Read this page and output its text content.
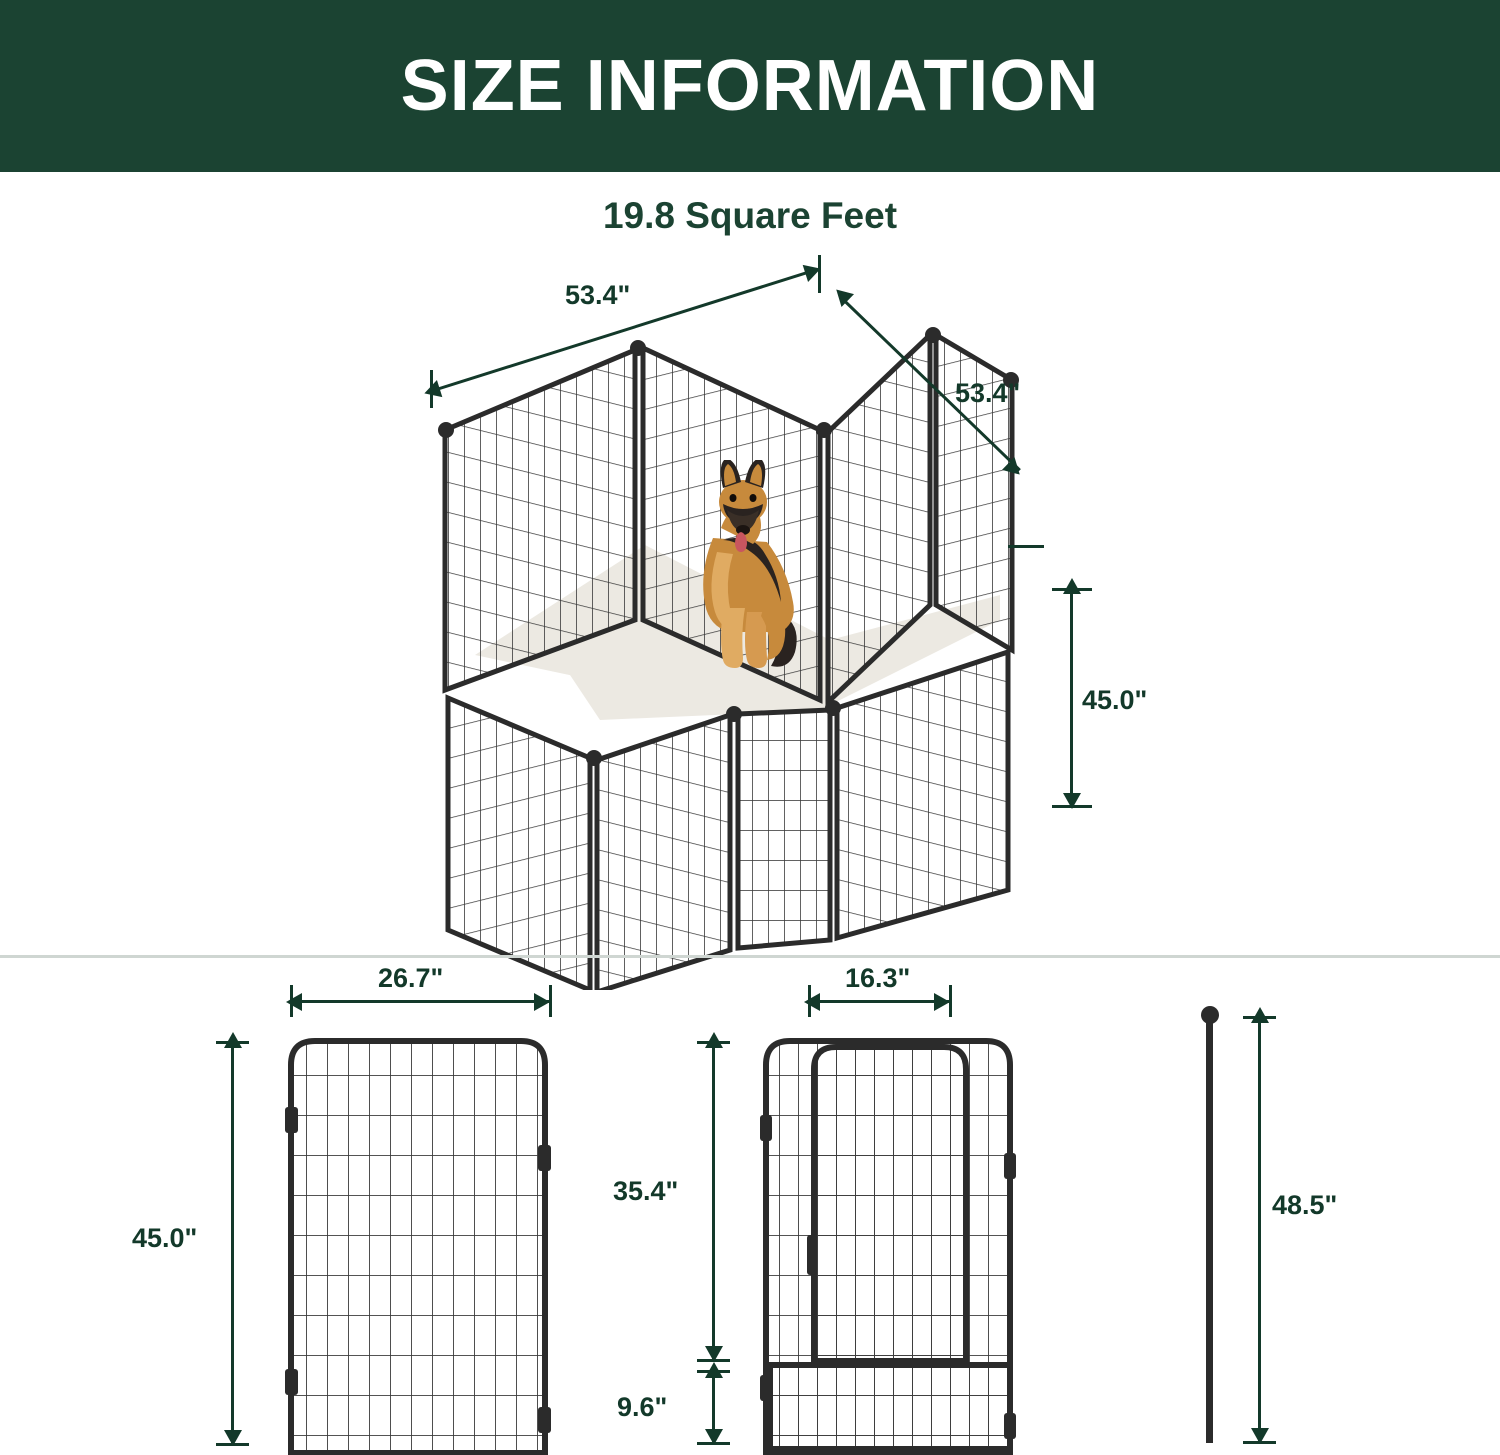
SIZE INFORMATION
19.8 Square Feet
53.4"
53.4"
45.0"
26.7"
45.0"
16.3"
35.4"
9.6"
48.5"
